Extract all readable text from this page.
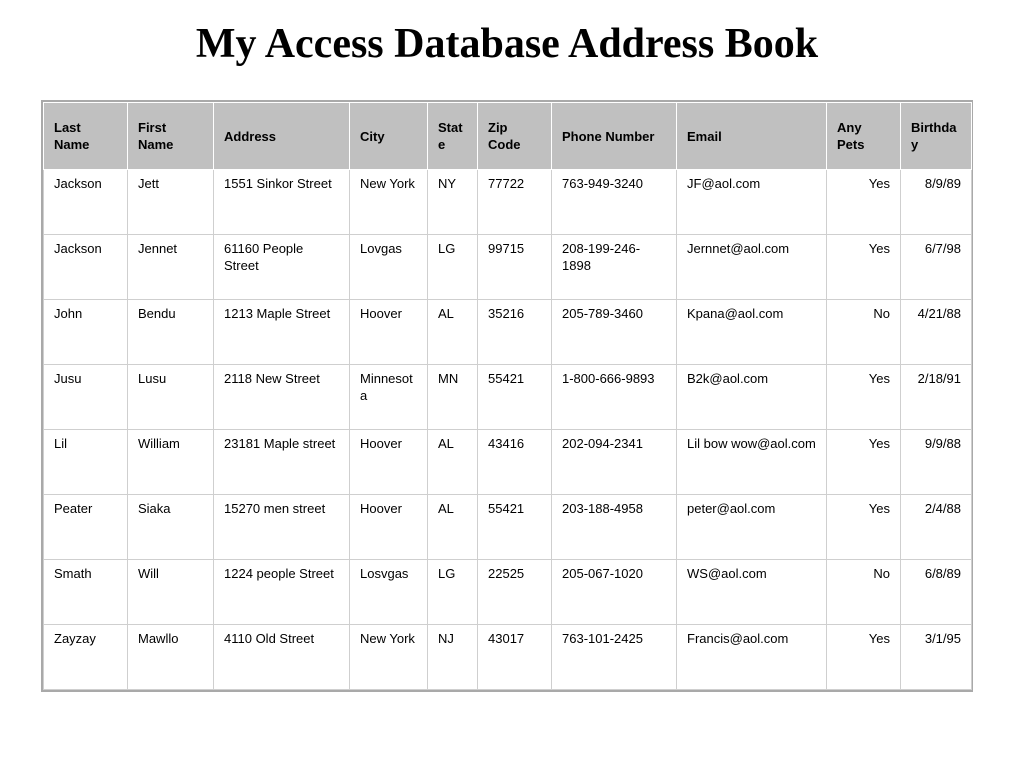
My Access Database Address Book
Last Name	First Name	Address	City	State	Zip Code	Phone Number	Email	Any Pets	Birthday
Jackson	Jett	1551 Sinkor Street	New York	NY	77722	763-949-3240	JF@aol.com	Yes	8/9/89
Jackson	Jennet	61160 People Street	Lovgas	LG	99715	208-199-246-1898	Jernnet@aol.com	Yes	6/7/98
John	Bendu	1213 Maple Street	Hoover	AL	35216	205-789-3460	Kpana@aol.com	No	4/21/88
Jusu	Lusu	2118 New Street	Minnesota	MN	55421	1-800-666-9893	B2k@aol.com	Yes	2/18/91
Lil	William	23181 Maple street	Hoover	AL	43416	202-094-2341	Lil bow wow@aol.com	Yes	9/9/88
Peater	Siaka	15270 men street	Hoover	AL	55421	203-188-4958	peter@aol.com	Yes	2/4/88
Smath	Will	1224 people Street	Losvgas	LG	22525	205-067-1020	WS@aol.com	No	6/8/89
Zayzay	Mawllo	4110 Old Street	New York	NJ	43017	763-101-2425	Francis@aol.com	Yes	3/1/95
